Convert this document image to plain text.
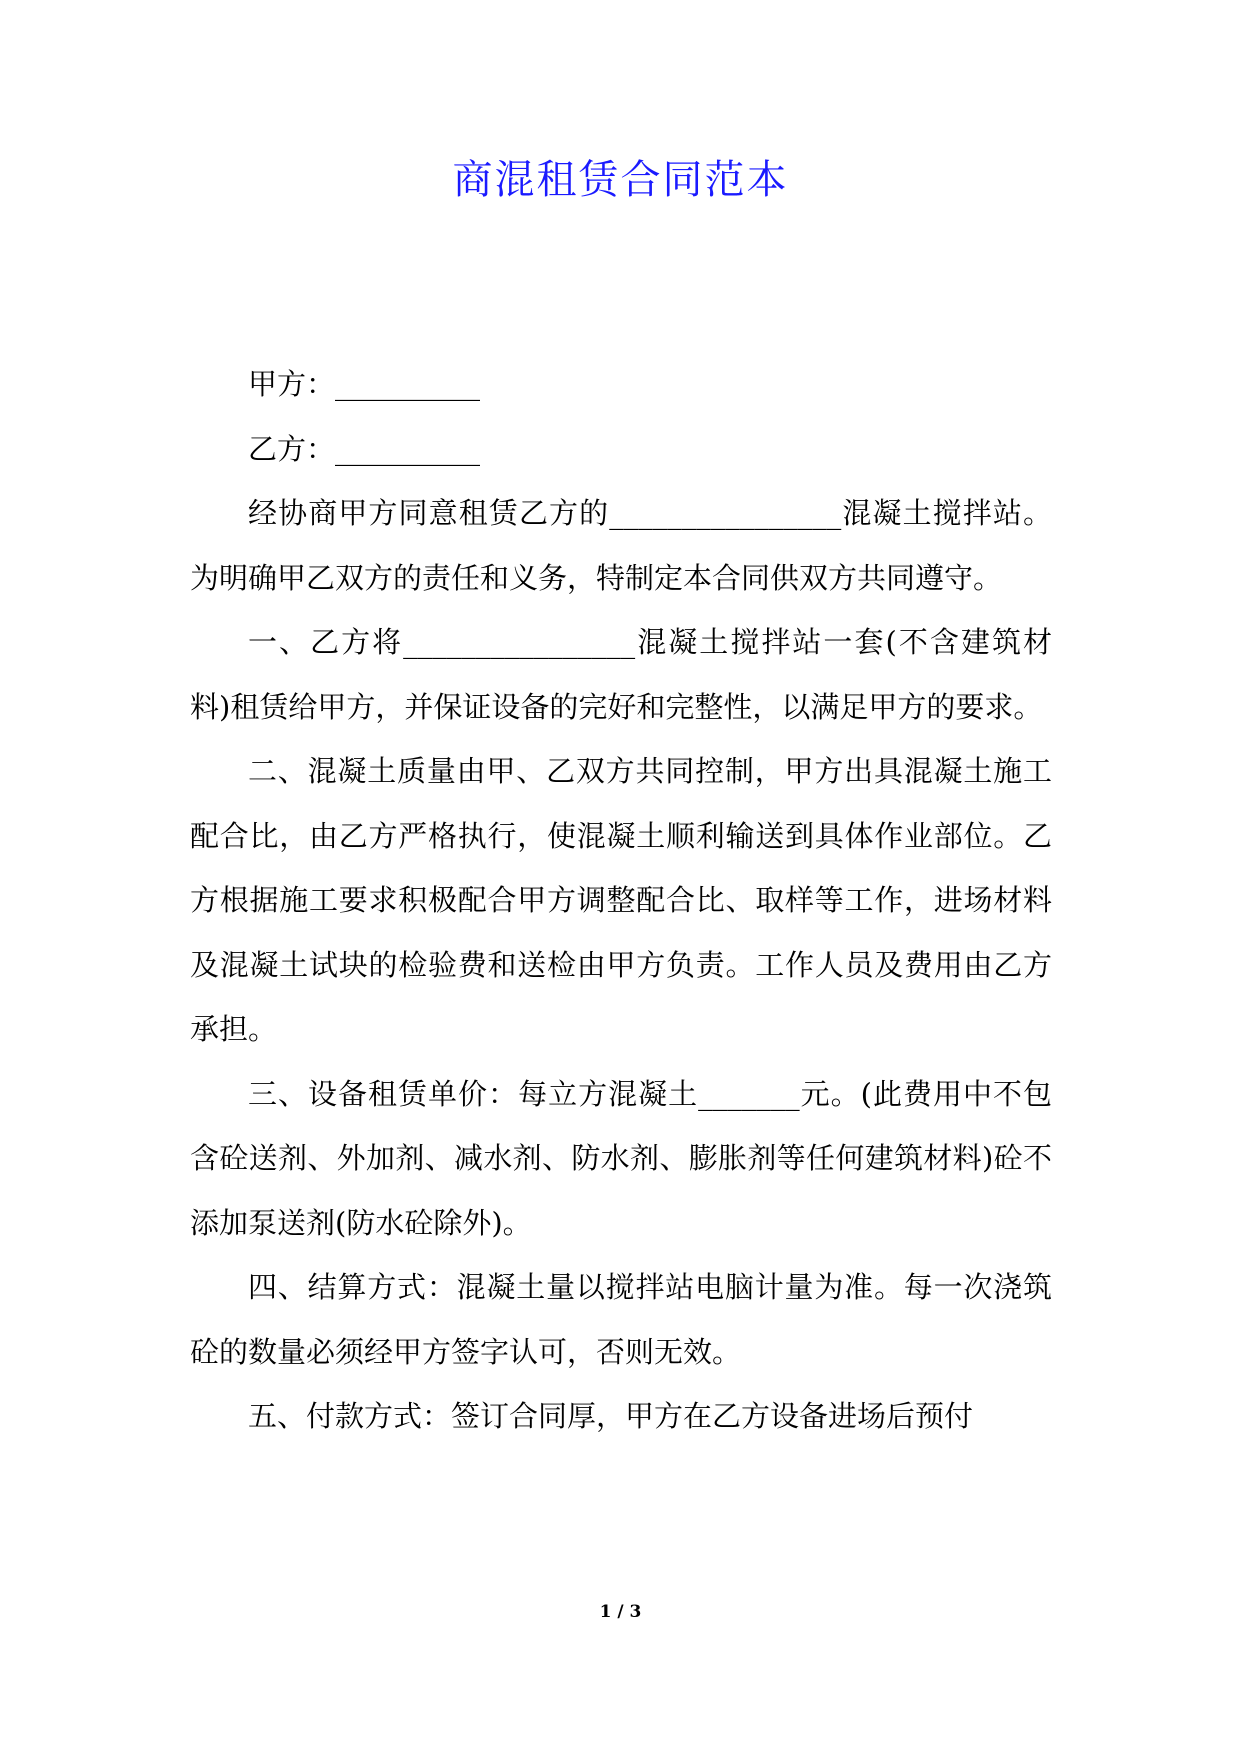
商混租赁合同范本

甲方：__________

乙方：__________

经协商甲方同意租赁乙方的________________混凝土搅拌站。为明确甲乙双方的责任和义务，特制定本合同供双方共同遵守。

一、乙方将________________混凝土搅拌站一套(不含建筑材料)租赁给甲方，并保证设备的完好和完整性，以满足甲方的要求。

二、混凝土质量由甲、乙双方共同控制，甲方出具混凝土施工配合比，由乙方严格执行，使混凝土顺利输送到具体作业部位。乙方根据施工要求积极配合甲方调整配合比、取样等工作，进场材料及混凝土试块的检验费和送检由甲方负责。工作人员及费用由乙方承担。

三、设备租赁单价：每立方混凝土_______元。(此费用中不包含砼送剂、外加剂、减水剂、防水剂、膨胀剂等任何建筑材料)砼不添加泵送剂(防水砼除外)。

四、结算方式：混凝土量以搅拌站电脑计量为准。每一次浇筑砼的数量必须经甲方签字认可，否则无效。

五、付款方式：签订合同厚，甲方在乙方设备进场后预付

1 / 3
